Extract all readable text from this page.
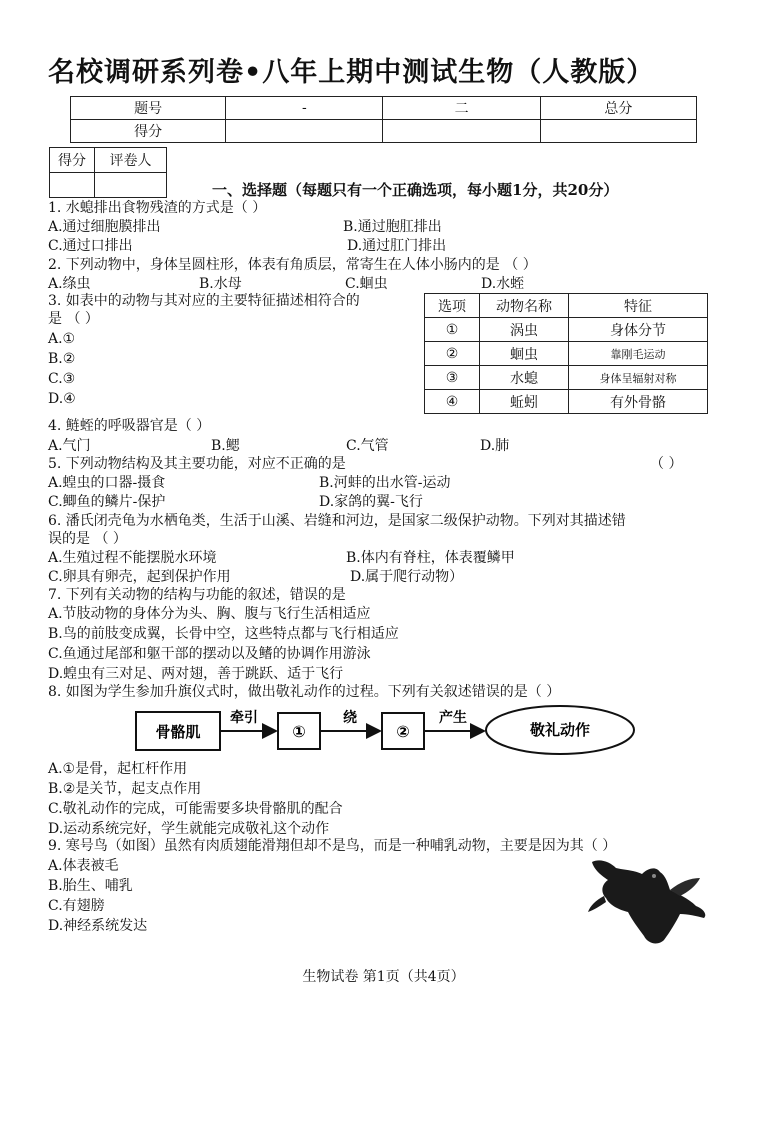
名校调研系列卷•八年上期中测试生物（人教版）
题号	-	二	总分
得分			
得分	评卷人

一、选择题（每题只有一个正确选项，每小题1分，共20分）
1. 水螅排出食物残渣的方式是（ ）
A.通过细胞膜排出	B.通过胞肛排出
C.通过口排出	D.通过肛门排出
2. 下列动物中，身体呈圆柱形，体表有角质层，常寄生在人体小肠内的是 （ ）
A.绦虫	B.水母	C.蛔虫	D.水蛭
3. 如表中的动物与其对应的主要特征描述相符合的
是 （ ）
A.①
B.②
C.③
D.④
选项	动物名称	特征
①	涡虫	身体分节
②	蛔虫	靠刚毛运动
③	水螅	身体呈辐射对称
④	蚯蚓	有外骨骼
4. 鲢蛭的呼吸器官是（ ）
A.气门	B.鳃	C.气管	D.肺
5. 下列动物结构及其主要功能，对应不正确的是	（ ）
A.蝗虫的口器-摄食	B.河蚌的出水管-运动
C.鲫鱼的鳞片-保护	D.家鸽的翼-飞行
6. 潘氏闭壳龟为水栖龟类，生活于山溪、岩缝和河边，是国家二级保护动物。下列对其描述错
误的是 （ ）
A.生殖过程不能摆脱水环境	B.体内有脊柱，体表覆鳞甲
C.卵具有卵壳，起到保护作用	D.属于爬行动物）
7. 下列有关动物的结构与功能的叙述，错误的是
A.节肢动物的身体分为头、胸、腹与飞行生活相适应
B.鸟的前肢变成翼，长骨中空，这些特点都与飞行相适应
C.鱼通过尾部和躯干部的摆动以及鳍的协调作用游泳
D.蝗虫有三对足、两对翅，善于跳跃、适于飞行
8. 如图为学生参加升旗仪式时，做出敬礼动作的过程。下列有关叙述错误的是（ ）
骨骼肌
牵引
①
绕
②
产生
敬礼动作
A.①是骨，起杠杆作用
B.②是关节，起支点作用
C.敬礼动作的完成，可能需要多块骨骼肌的配合
D.运动系统完好，学生就能完成敬礼这个动作
9. 寒号鸟（如图）虽然有肉质翅能滑翔但却不是鸟，而是一种哺乳动物，主要是因为其（ ）
A.体表被毛
B.胎生、哺乳
C.有翅膀
D.神经系统发达
生物试卷 第1页（共4页）
